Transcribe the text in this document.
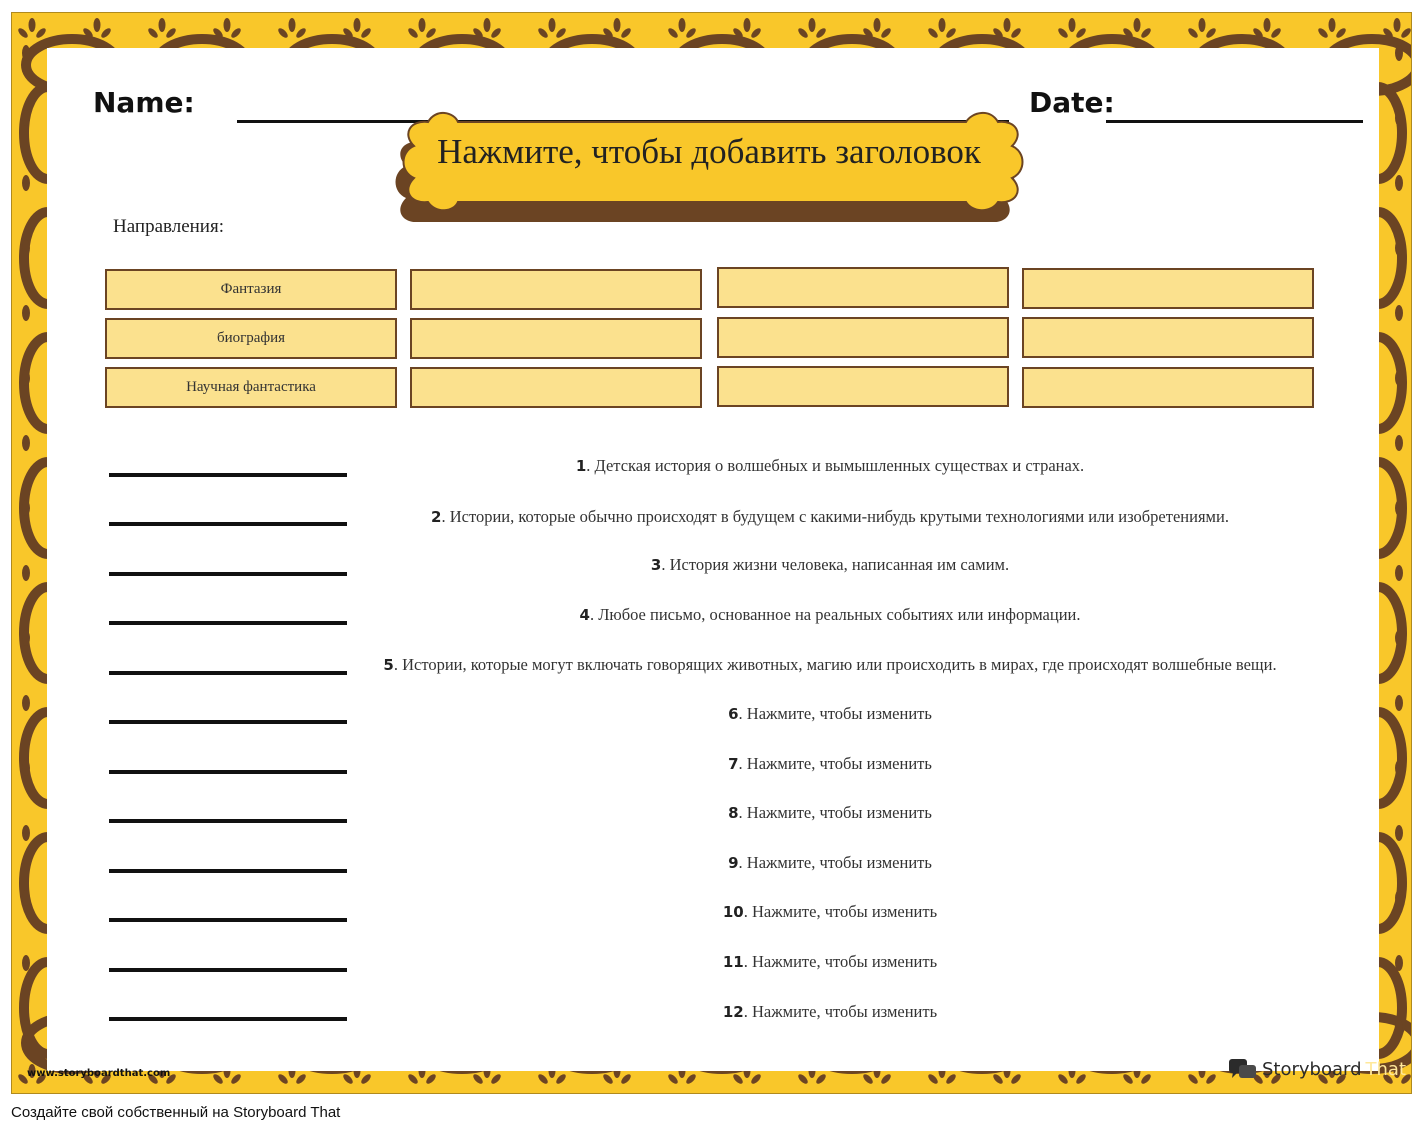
Name:	Date:
Нажмите, чтобы добавить заголовок
Направления:
Фантазия
биография
Научная фантастика
1. Детская история о волшебных и вымышленных существах и странах.
2. Истории, которые обычно происходят в будущем с какими-нибудь крутыми технологиями или изобретениями.
3. История жизни человека, написанная им самим.
4. Любое письмо, основанное на реальных событиях или информации.
5. Истории, которые могут включать говорящих животных, магию или происходить в мирах, где происходят волшебные вещи.
6. Нажмите, чтобы изменить
7. Нажмите, чтобы изменить
8. Нажмите, чтобы изменить
9. Нажмите, чтобы изменить
10. Нажмите, чтобы изменить
11. Нажмите, чтобы изменить
12. Нажмите, чтобы изменить
www.storyboardthat.com	Storyboard That
Создайте свой собственный на Storyboard That
